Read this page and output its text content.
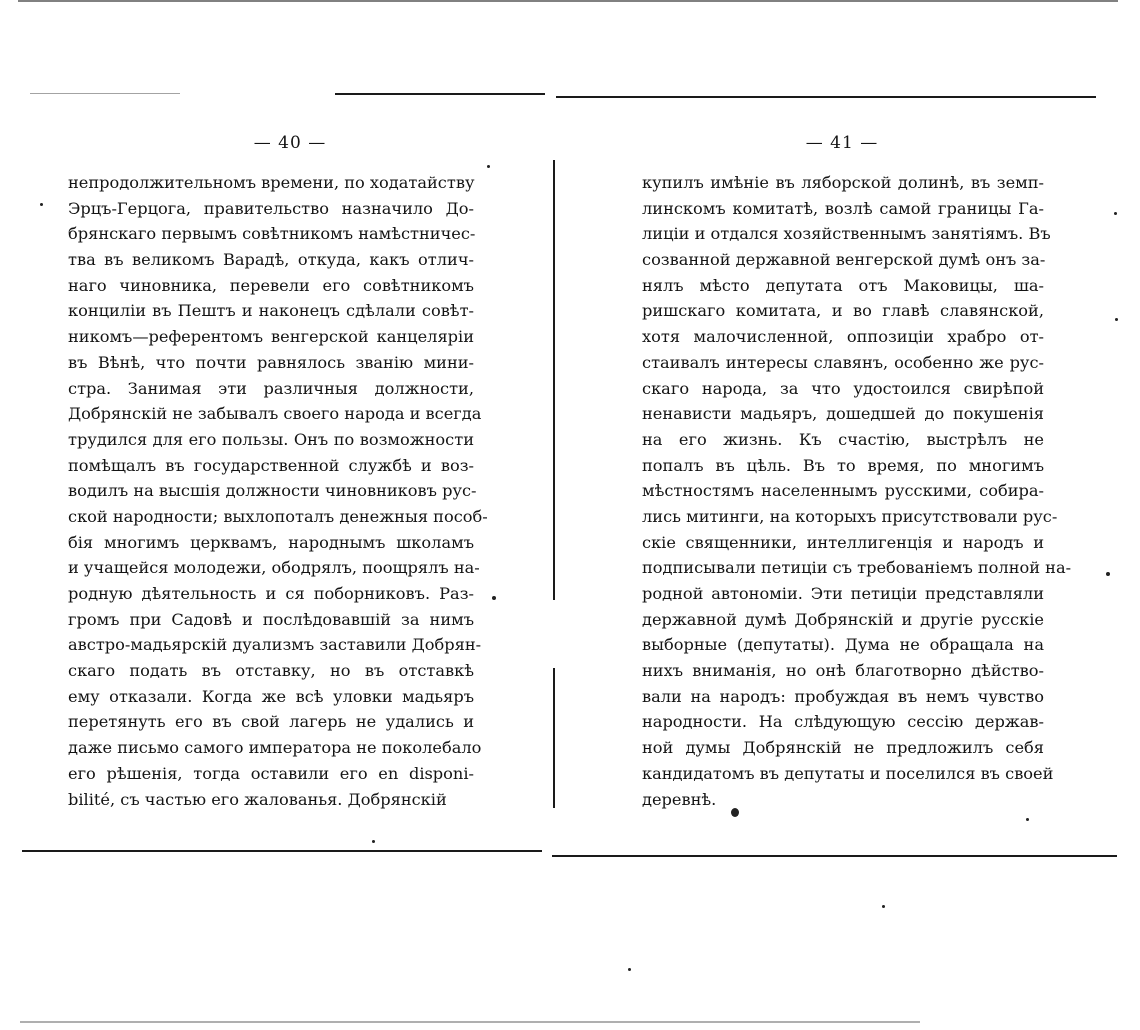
— 40 —
непродолжительномъ времени, по ходатайству
Эрцъ-Герцога, правительство назначило До-
брянскаго первымъ совѣтникомъ намѣстничес-
тва въ великомъ Варадѣ, откуда, какъ отлич-
наго чиновника, перевели его совѣтникомъ
концилiи въ Пештъ и наконецъ сдѣлали совѣт-
никомъ—референтомъ венгерской канцелярiи
въ Вѣнѣ, что почти равнялось званiю мини-
стра. Занимая эти различныя должности,
Добрянскiй не забывалъ своего народа и всегда
трудился для его пользы. Онъ по возможности
помѣщалъ въ государственной службѣ и воз-
водилъ на высшiя должности чиновниковъ рус-
ской народности; выхлопоталъ денежныя пособ-
бiя многимъ церквамъ, народнымъ школамъ
и учащейся молодежи, ободрялъ, поощрялъ на-
родную дѣятельность и ся поборниковъ. Раз-
громъ при Садовѣ и послѣдовавшiй за нимъ
австро-мадьярскiй дуализмъ заставили Добрян-
скаго подать въ отставку, но въ отставкѣ
ему отказали. Когда же всѣ уловки мадьяръ
перетянуть его въ свой лагерь не удались и
даже письмо самого императора не поколебало
его рѣшенiя, тогда оставили его en disponi-
bilité, съ частью его жалованья. Добрянскiй
— 41 —
купилъ имѣнiе въ ляборской долинѣ, въ земп-
линскомъ комитатѣ, возлѣ самой границы Га-
лицiи и отдался хозяйственнымъ занятiямъ. Въ
созванной державной венгерской думѣ онъ за-
нялъ мѣсто депутата отъ Маковицы, ша-
ришскаго комитата, и во главѣ славянской,
хотя малочисленной, оппозицiи храбро от-
стаивалъ интересы славянъ, особенно же рус-
скаго народа, за что удостоился свирѣпой
ненависти мадьяръ, дошедшей до покушенiя
на его жизнь. Къ счастiю, выстрѣлъ не
попалъ въ цѣль. Въ то время, по многимъ
мѣстностямъ населеннымъ русскими, собира-
лись митинги, на которыхъ присутствовали рус-
скiе священники, интеллигенцiя и народъ и
подписывали петицiи съ требованiемъ полной на-
родной автономiи. Эти петицiи представляли
державной думѣ Добрянскiй и другiе русскiе
выборные (депутаты). Дума не обращала на
нихъ вниманiя, но онѣ благотворно дѣйство-
вали на народъ: пробуждая въ немъ чувство
народности. На слѣдующую сессiю держав-
ной думы Добрянскiй не предложилъ себя
кандидатомъ въ депутаты и поселился въ своей
деревнѣ.
